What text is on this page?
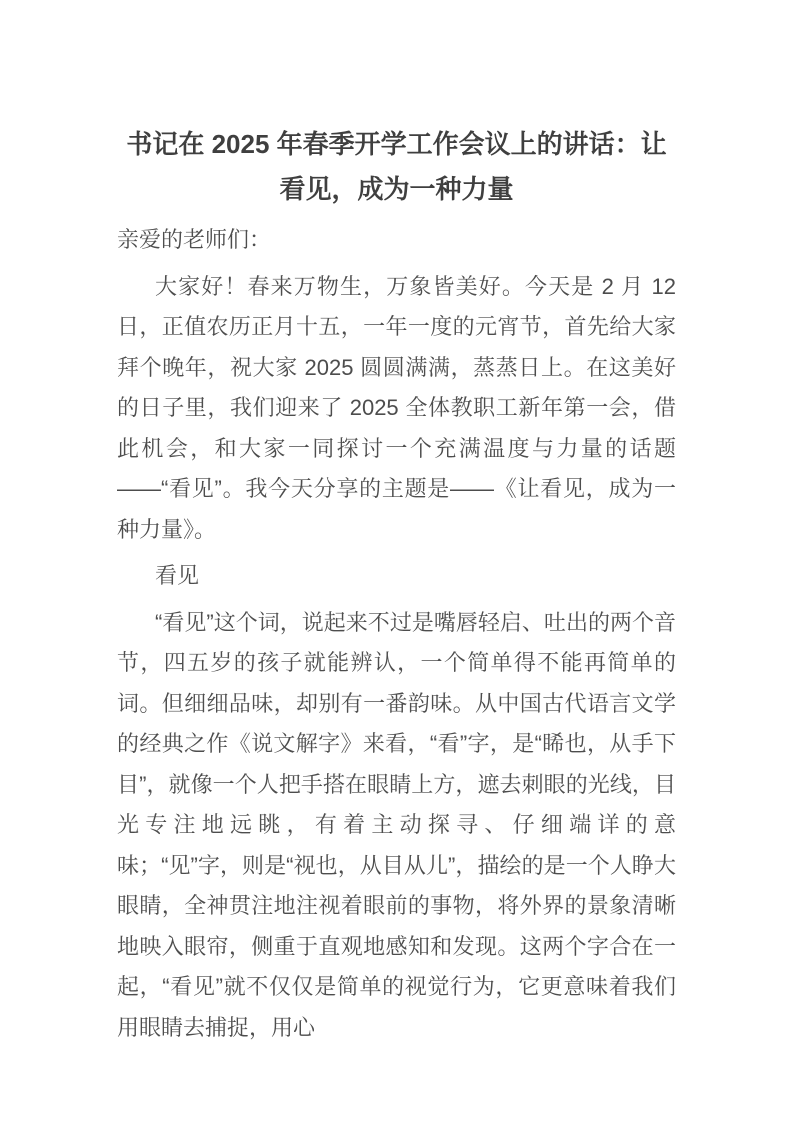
书记在 2025 年春季开学工作会议上的讲话：让看见，成为一种力量

亲爱的老师们：

大家好！春来万物生，万象皆美好。今天是 2 月 12 日，正值农历正月十五，一年一度的元宵节，首先给大家拜个晚年，祝大家 2025 圆圆满满，蒸蒸日上。在这美好的日子里，我们迎来了 2025 全体教职工新年第一会，借此机会，和大家一同探讨一个充满温度与力量的话题——“看见”。我今天分享的主题是——《让看见，成为一种力量》。

看见

“看见”这个词，说起来不过是嘴唇轻启、吐出的两个音节，四五岁的孩子就能辨认，一个简单得不能再简单的词。但细细品味，却别有一番韵味。从中国古代语言文学的经典之作《说文解字》来看，“看”字，是“睎也，从手下目”，就像一个人把手搭在眼睛上方，遮去刺眼的光线，目光专注地远眺，有着主动探寻、仔细端详的意味；“见”字，则是“视也，从目从儿”，描绘的是一个人睁大眼睛，全神贯注地注视着眼前的事物，将外界的景象清晰地映入眼帘，侧重于直观地感知和发现。这两个字合在一起，“看见”就不仅仅是简单的视觉行为，它更意味着我们用眼睛去捕捉，用心
